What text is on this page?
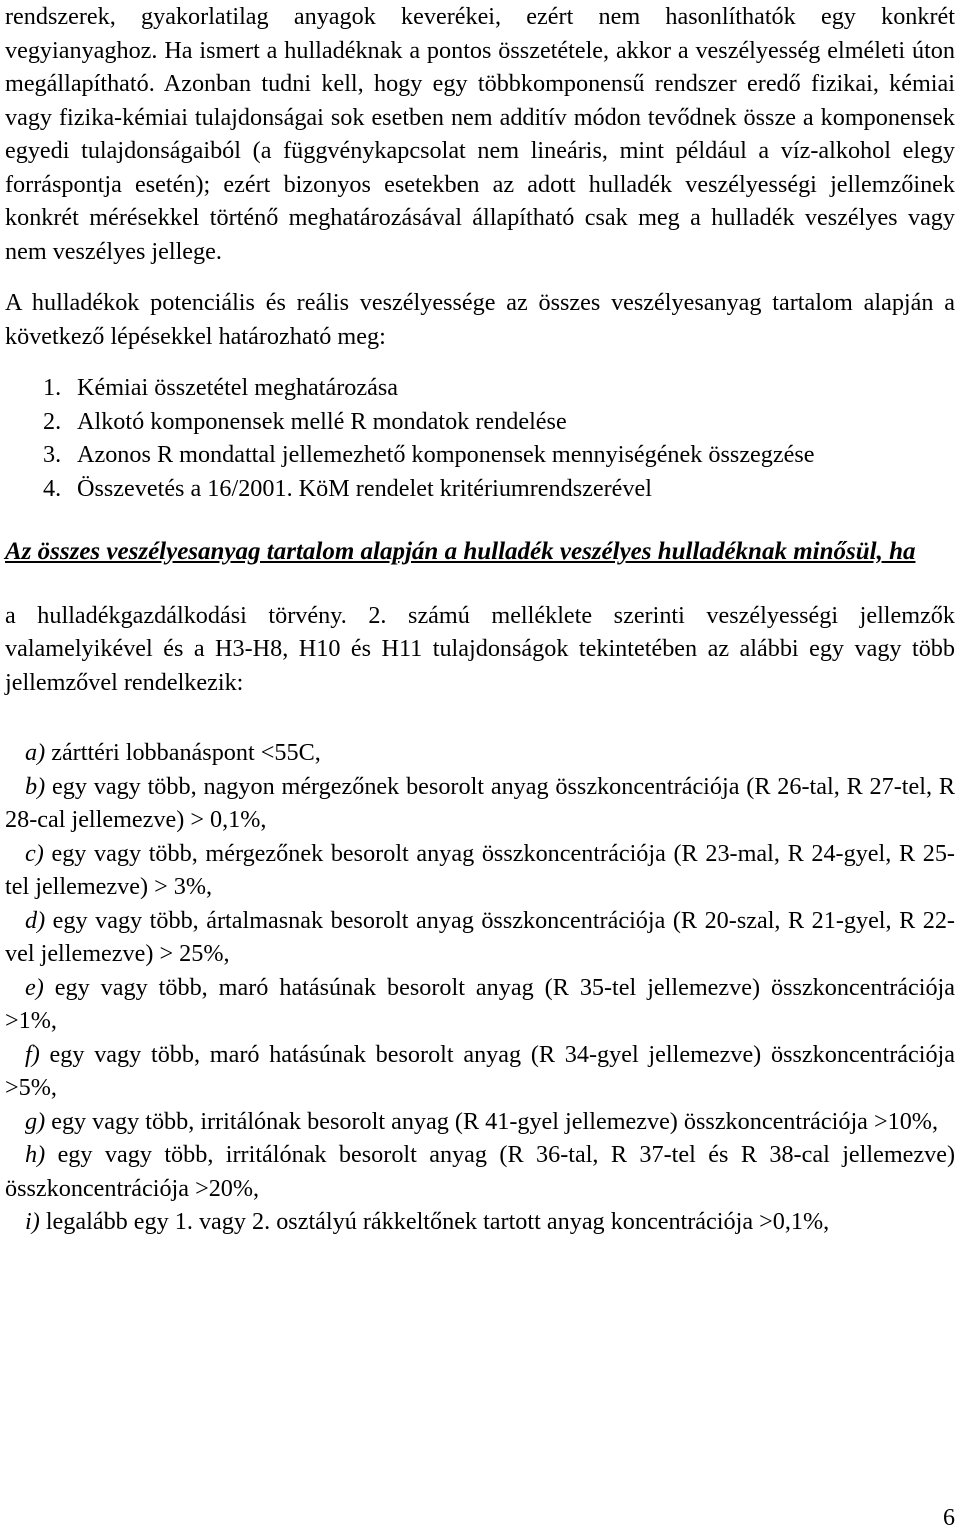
rendszerek, gyakorlatilag anyagok keverékei, ezért nem hasonlíthatók egy konkrét vegyianyaghoz. Ha ismert a hulladéknak a pontos összetétele, akkor a veszélyesség elméleti úton megállapítható. Azonban tudni kell, hogy egy többkomponensű rendszer eredő fizikai, kémiai vagy fizika-kémiai tulajdonságai sok esetben nem additív módon tevődnek össze a komponensek egyedi tulajdonságaiból (a függvénykapcsolat nem lineáris, mint például a víz-alkohol elegy forráspontja esetén); ezért bizonyos esetekben az adott hulladék veszélyességi jellemzőinek konkrét mérésekkel történő meghatározásával állapítható csak meg a hulladék veszélyes vagy nem veszélyes jellege.

A hulladékok potenciális és reális veszélyessége az összes veszélyesanyag tartalom alapján a következő lépésekkel határozható meg:

1. Kémiai összetétel meghatározása
2. Alkotó komponensek mellé R mondatok rendelése
3. Azonos R mondattal jellemezhető komponensek mennyiségének összegzése
4. Összevetés a 16/2001. KöM rendelet kritériumrendszerével

Az összes veszélyesanyag tartalom alapján a hulladék veszélyes hulladéknak minősül, ha

a hulladékgazdálkodási törvény. 2. számú melléklete szerinti veszélyességi jellemzők valamelyikével és a H3-H8, H10 és H11 tulajdonságok tekintetében az alábbi egy vagy több jellemzővel rendelkezik:

a) zárttéri lobbanáspont <55C,

b) egy vagy több, nagyon mérgezőnek besorolt anyag összkoncentrációja (R 26-tal, R 27-tel, R 28-cal jellemezve) > 0,1%,

c) egy vagy több, mérgezőnek besorolt anyag összkoncentrációja (R 23-mal, R 24-gyel, R 25-tel jellemezve) > 3%,

d) egy vagy több, ártalmasnak besorolt anyag összkoncentrációja (R 20-szal, R 21-gyel, R 22-vel jellemezve) > 25%,

e) egy vagy több, maró hatásúnak besorolt anyag (R 35-tel jellemezve) összkoncentrációja >1%,

f) egy vagy több, maró hatásúnak besorolt anyag (R 34-gyel jellemezve) összkoncentrációja >5%,

g) egy vagy több, irritálónak besorolt anyag (R 41-gyel jellemezve) összkoncentrációja >10%,

h) egy vagy több, irritálónak besorolt anyag (R 36-tal, R 37-tel és R 38-cal jellemezve) összkoncentrációja >20%,

i) legalább egy 1. vagy 2. osztályú rákkeltőnek tartott anyag koncentrációja >0,1%,

6
